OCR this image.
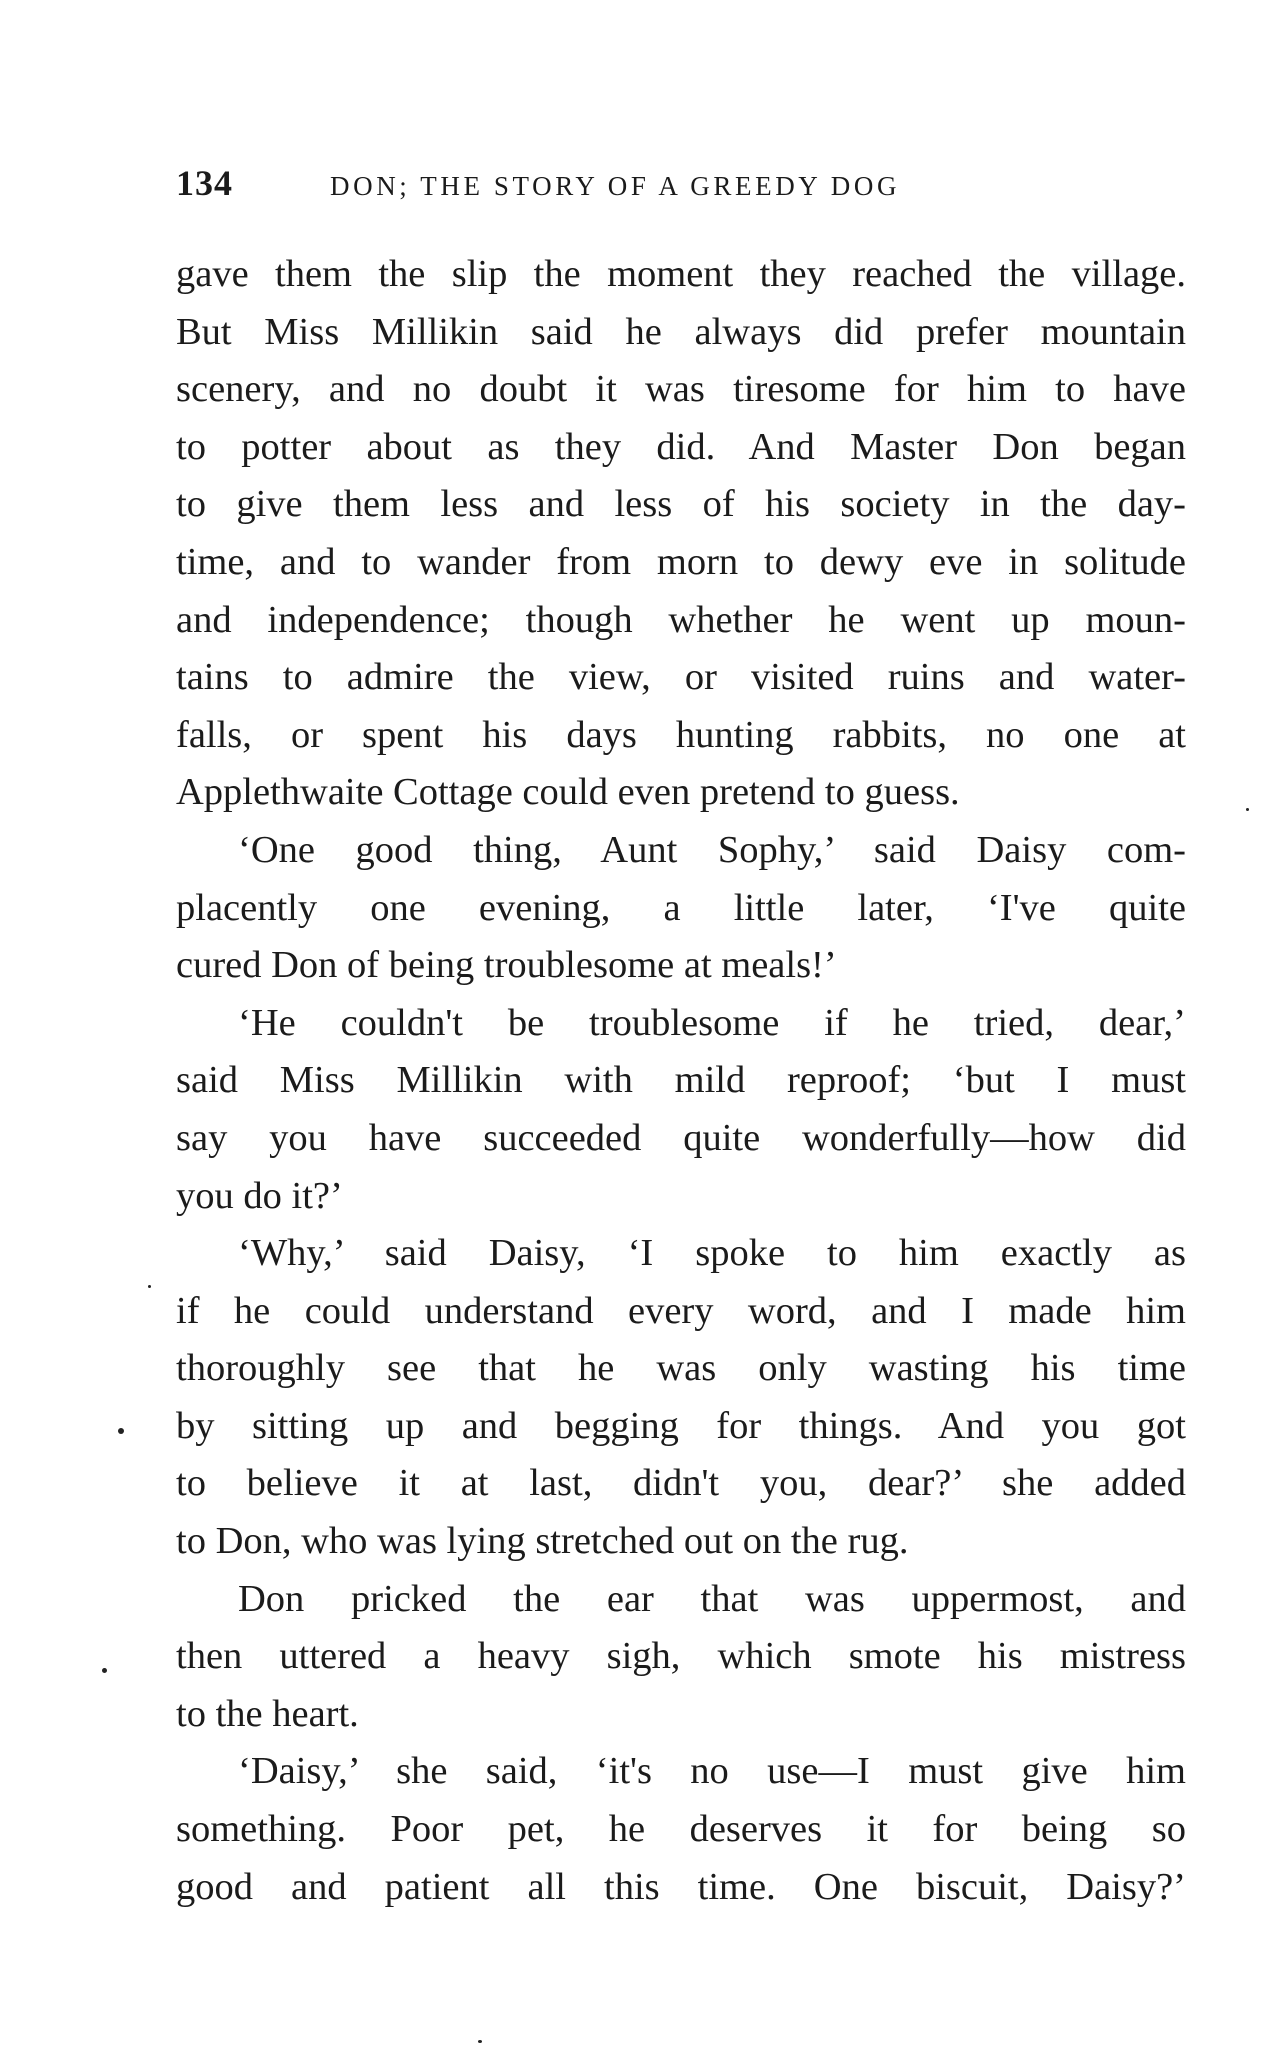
134	DON; THE STORY OF A GREEDY DOG

gave them the slip the moment they reached the village.
But Miss Millikin said he always did prefer mountain
scenery, and no doubt it was tiresome for him to have
to potter about as they did. And Master Don began
to give them less and less of his society in the day-
time, and to wander from morn to dewy eve in solitude
and independence; though whether he went up moun-
tains to admire the view, or visited ruins and water-
falls, or spent his days hunting rabbits, no one at
Applethwaite Cottage could even pretend to guess.

‘One good thing, Aunt Sophy,’ said Daisy com-
placently one evening, a little later, ‘I've quite
cured Don of being troublesome at meals!’

‘He couldn't be troublesome if he tried, dear,’
said Miss Millikin with mild reproof; ‘but I must
say you have succeeded quite wonderfully—how did
you do it?’

‘Why,’ said Daisy, ‘I spoke to him exactly as
if he could understand every word, and I made him
thoroughly see that he was only wasting his time
by sitting up and begging for things. And you got
to believe it at last, didn't you, dear?’ she added
to Don, who was lying stretched out on the rug.

Don pricked the ear that was uppermost, and
then uttered a heavy sigh, which smote his mistress
to the heart.

‘Daisy,’ she said, ‘it's no use—I must give him
something. Poor pet, he deserves it for being so
good and patient all this time. One biscuit, Daisy?’
